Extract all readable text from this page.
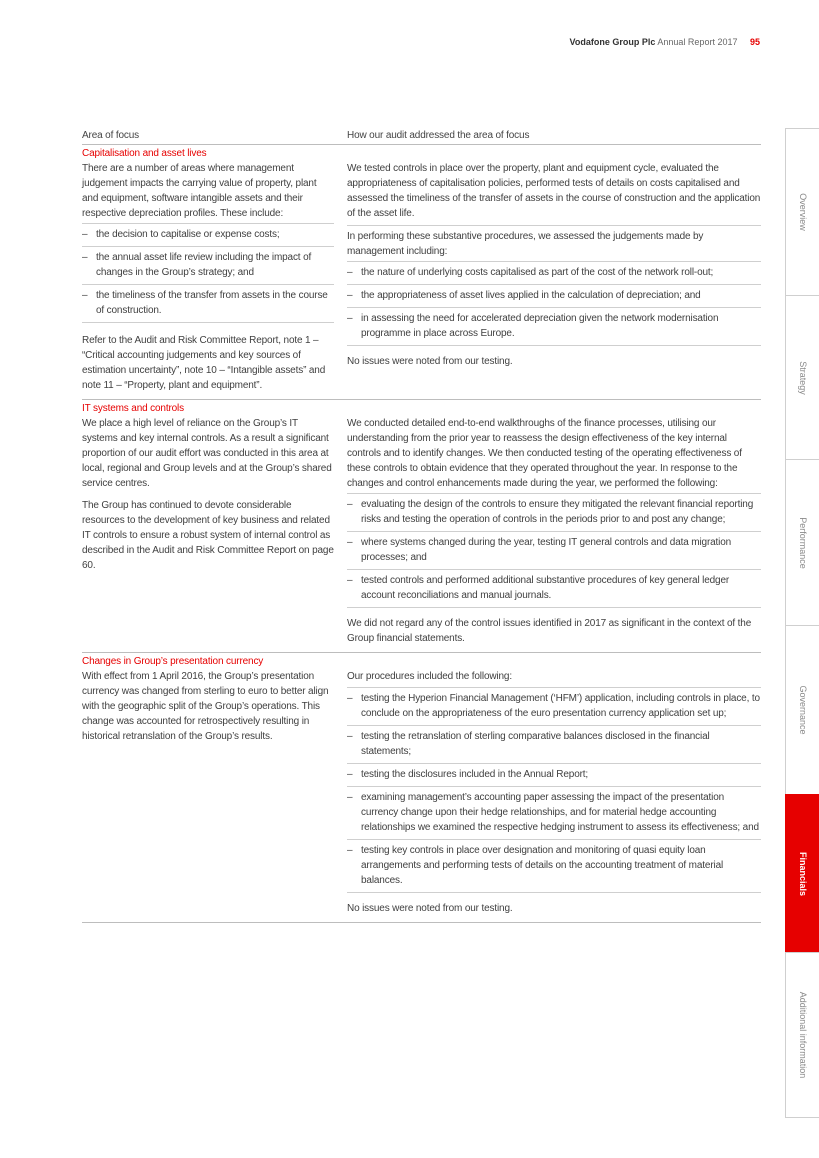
Vodafone Group Plc Annual Report 2017 95
Area of focus	How our audit addressed the area of focus
Capitalisation and asset lives
There are a number of areas where management judgement impacts the carrying value of property, plant and equipment, software intangible assets and their respective depreciation profiles. These include:
– the decision to capitalise or expense costs;
– the annual asset life review including the impact of changes in the Group’s strategy; and
– the timeliness of the transfer from assets in the course of construction.
Refer to the Audit and Risk Committee Report, note 1 – “Critical accounting judgements and key sources of estimation uncertainty”, note 10 – “Intangible assets” and note 11 – “Property, plant and equipment”.
We tested controls in place over the property, plant and equipment cycle, evaluated the appropriateness of capitalisation policies, performed tests of details on costs capitalised and assessed the timeliness of the transfer of assets in the course of construction and the application of the asset life.
In performing these substantive procedures, we assessed the judgements made by management including:
– the nature of underlying costs capitalised as part of the cost of the network roll-out;
– the appropriateness of asset lives applied in the calculation of depreciation; and
– in assessing the need for accelerated depreciation given the network modernisation programme in place across Europe.
No issues were noted from our testing.
IT systems and controls
We place a high level of reliance on the Group’s IT systems and key internal controls. As a result a significant proportion of our audit effort was conducted in this area at local, regional and Group levels and at the Group’s shared service centres.
The Group has continued to devote considerable resources to the development of key business and related IT controls to ensure a robust system of internal control as described in the Audit and Risk Committee Report on page 60.
We conducted detailed end-to-end walkthroughs of the finance processes, utilising our understanding from the prior year to reassess the design effectiveness of the key internal controls and to identify changes. We then conducted testing of the operating effectiveness of these controls to obtain evidence that they operated throughout the year. In response to the changes and control enhancements made during the year, we performed the following:
– evaluating the design of the controls to ensure they mitigated the relevant financial reporting risks and testing the operation of controls in the periods prior to and post any change;
– where systems changed during the year, testing IT general controls and data migration processes; and
– tested controls and performed additional substantive procedures of key general ledger account reconciliations and manual journals.
We did not regard any of the control issues identified in 2017 as significant in the context of the Group financial statements.
Changes in Group’s presentation currency
With effect from 1 April 2016, the Group’s presentation currency was changed from sterling to euro to better align with the geographic split of the Group’s operations. This change was accounted for retrospectively resulting in historical retranslation of the Group’s results.
Our procedures included the following:
– testing the Hyperion Financial Management (‘HFM’) application, including controls in place, to conclude on the appropriateness of the euro presentation currency application set up;
– testing the retranslation of sterling comparative balances disclosed in the financial statements;
– testing the disclosures included in the Annual Report;
– examining management’s accounting paper assessing the impact of the presentation currency change upon their hedge relationships, and for material hedge accounting relationships we examined the respective hedging instrument to assess its effectiveness; and
– testing key controls in place over designation and monitoring of quasi equity loan arrangements and performing tests of details on the accounting treatment of material balances.
No issues were noted from our testing.
Overview
Strategy
Performance
Governance
Financials
Additional information
